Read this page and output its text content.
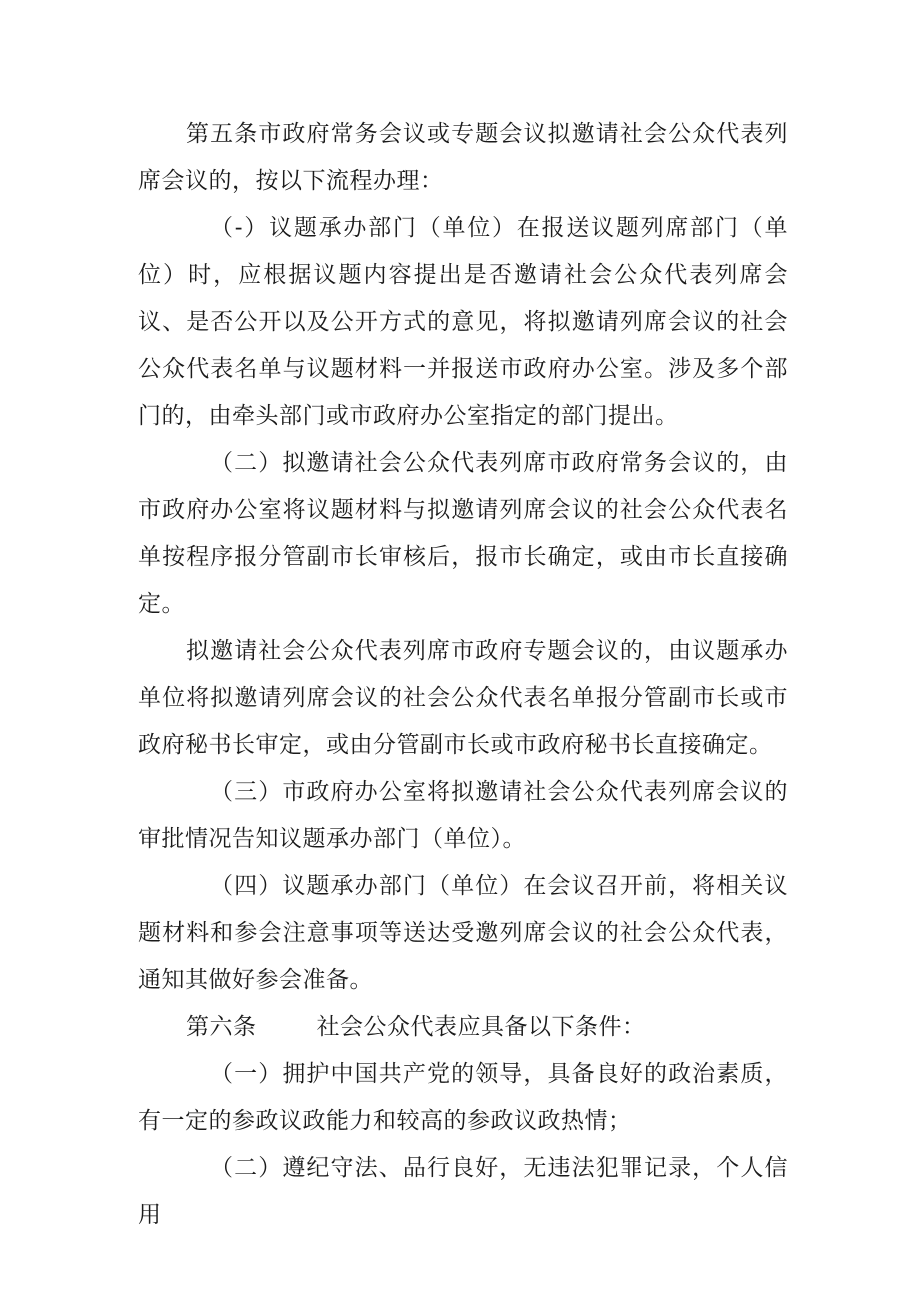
第五条市政府常务会议或专题会议拟邀请社会公众代表列席会议的，按以下流程办理：

（-）议题承办部门（单位）在报送议题列席部门（单位）时，应根据议题内容提出是否邀请社会公众代表列席会议、是否公开以及公开方式的意见，将拟邀请列席会议的社会公众代表名单与议题材料一并报送市政府办公室。涉及多个部门的，由牵头部门或市政府办公室指定的部门提出。

（二）拟邀请社会公众代表列席市政府常务会议的，由市政府办公室将议题材料与拟邀请列席会议的社会公众代表名单按程序报分管副市长审核后，报市长确定，或由市长直接确定。

拟邀请社会公众代表列席市政府专题会议的，由议题承办单位将拟邀请列席会议的社会公众代表名单报分管副市长或市政府秘书长审定，或由分管副市长或市政府秘书长直接确定。

（三）市政府办公室将拟邀请社会公众代表列席会议的审批情况告知议题承办部门（单位）。

（四）议题承办部门（单位）在会议召开前，将相关议题材料和参会注意事项等送达受邀列席会议的社会公众代表，通知其做好参会准备。

第六条	社会公众代表应具备以下条件：

（一）拥护中国共产党的领导，具备良好的政治素质，有一定的参政议政能力和较高的参政议政热情；

（二）遵纪守法、品行良好，无违法犯罪记录，个人信用
